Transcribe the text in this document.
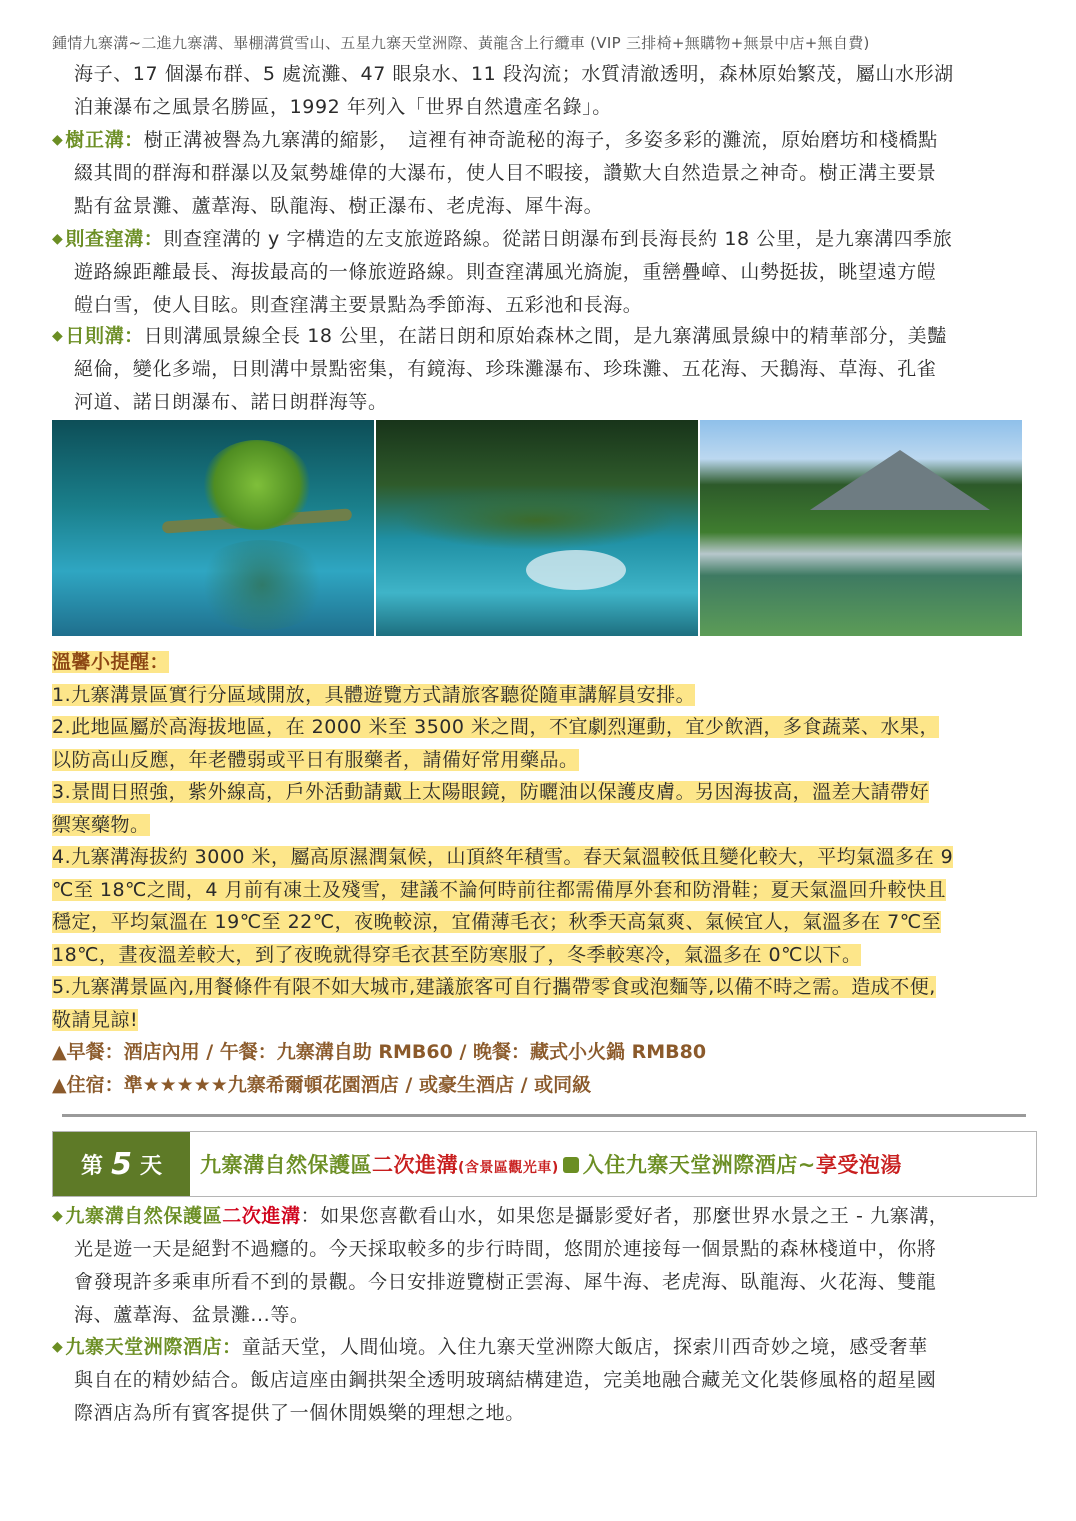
鍾情九寨溝~二進九寨溝、畢棚溝賞雪山、五星九寨天堂洲際、黃龍含上行纜車 (VIP 三排椅+無購物+無景中店+無自費)
海子、17 個瀑布群、5 處流灘、47 眼泉水、11 段沟流；水質清澈透明，森林原始繁茂，屬山水形湖
泊兼瀑布之風景名勝區，1992 年列入「世界自然遺產名錄」。
◆ 樹正溝：樹正溝被譽為九寨溝的縮影，　這裡有神奇詭秘的海子，多姿多彩的灘流，原始磨坊和棧橋點
綴其間的群海和群瀑以及氣勢雄偉的大瀑布，使人目不暇接，讚歎大自然造景之神奇。樹正溝主要景
點有盆景灘、蘆葦海、臥龍海、樹正瀑布、老虎海、犀牛海。
◆ 則查窪溝：則查窪溝的 y 字構造的左支旅遊路線。從諾日朗瀑布到長海長約 18 公里，是九寨溝四季旅
遊路線距離最長、海拔最高的一條旅遊路線。則查窪溝風光旖旎，重巒疊嶂、山勢挺拔，眺望遠方皚
皚白雪，使人目眩。則查窪溝主要景點為季節海、五彩池和長海。
◆ 日則溝：日則溝風景線全長 18 公里，在諾日朗和原始森林之間，是九寨溝風景線中的精華部分，美豔
絕倫，變化多端，日則溝中景點密集，有鏡海、珍珠灘瀑布、珍珠灘、五花海、天鵝海、草海、孔雀
河道、諾日朗瀑布、諾日朗群海等。
溫馨小提醒：
1.九寨溝景區實行分區域開放，具體遊覽方式請旅客聽從隨車講解員安排。
2.此地區屬於高海拔地區，在 2000 米至 3500 米之間，不宜劇烈運動，宜少飲酒，多食蔬菜、水果，
以防高山反應，年老體弱或平日有服藥者，請備好常用藥品。
3.景間日照強，紫外線高，戶外活動請戴上太陽眼鏡，防曬油以保護皮膚。另因海拔高，溫差大請帶好
禦寒藥物。
4.九寨溝海拔約 3000 米，屬高原濕潤氣候，山頂終年積雪。春天氣溫較低且變化較大，平均氣溫多在 9
℃至 18℃之間，4 月前有凍土及殘雪，建議不論何時前往都需備厚外套和防滑鞋；夏天氣溫回升較快且
穩定，平均氣溫在 19℃至 22℃，夜晚較涼，宜備薄毛衣；秋季天高氣爽、氣候宜人，氣溫多在 7℃至
18℃，晝夜溫差較大，到了夜晚就得穿毛衣甚至防寒服了，冬季較寒冷，氣溫多在 0℃以下。
5.九寨溝景區內,用餐條件有限不如大城市,建議旅客可自行攜帶零食或泡麵等,以備不時之需。造成不便,
敬請見諒!
▲早餐：酒店內用 / 午餐：九寨溝自助 RMB60 / 晚餐：藏式小火鍋 RMB80
▲住宿：準★★★★★九寨希爾頓花園酒店 / 或豪生酒店 / 或同級
第 5 天	九寨溝自然保護區二次進溝(含景區觀光車) 入住九寨天堂洲際酒店~享受泡湯
◆ 九寨溝自然保護區二次進溝：如果您喜歡看山水，如果您是攝影愛好者，那麼世界水景之王 - 九寨溝，
光是遊一天是絕對不過癮的。今天採取較多的步行時間，悠閒於連接每一個景點的森林棧道中，你將
會發現許多乘車所看不到的景觀。今日安排遊覽樹正雲海、犀牛海、老虎海、臥龍海、火花海、雙龍
海、蘆葦海、盆景灘...等。
◆ 九寨天堂洲際酒店：童話天堂，人間仙境。入住九寨天堂洲際大飯店，探索川西奇妙之境，感受奢華
與自在的精妙結合。飯店這座由鋼拱架全透明玻璃結構建造，完美地融合藏羌文化裝修風格的超星國
際酒店為所有賓客提供了一個休閒娛樂的理想之地。
